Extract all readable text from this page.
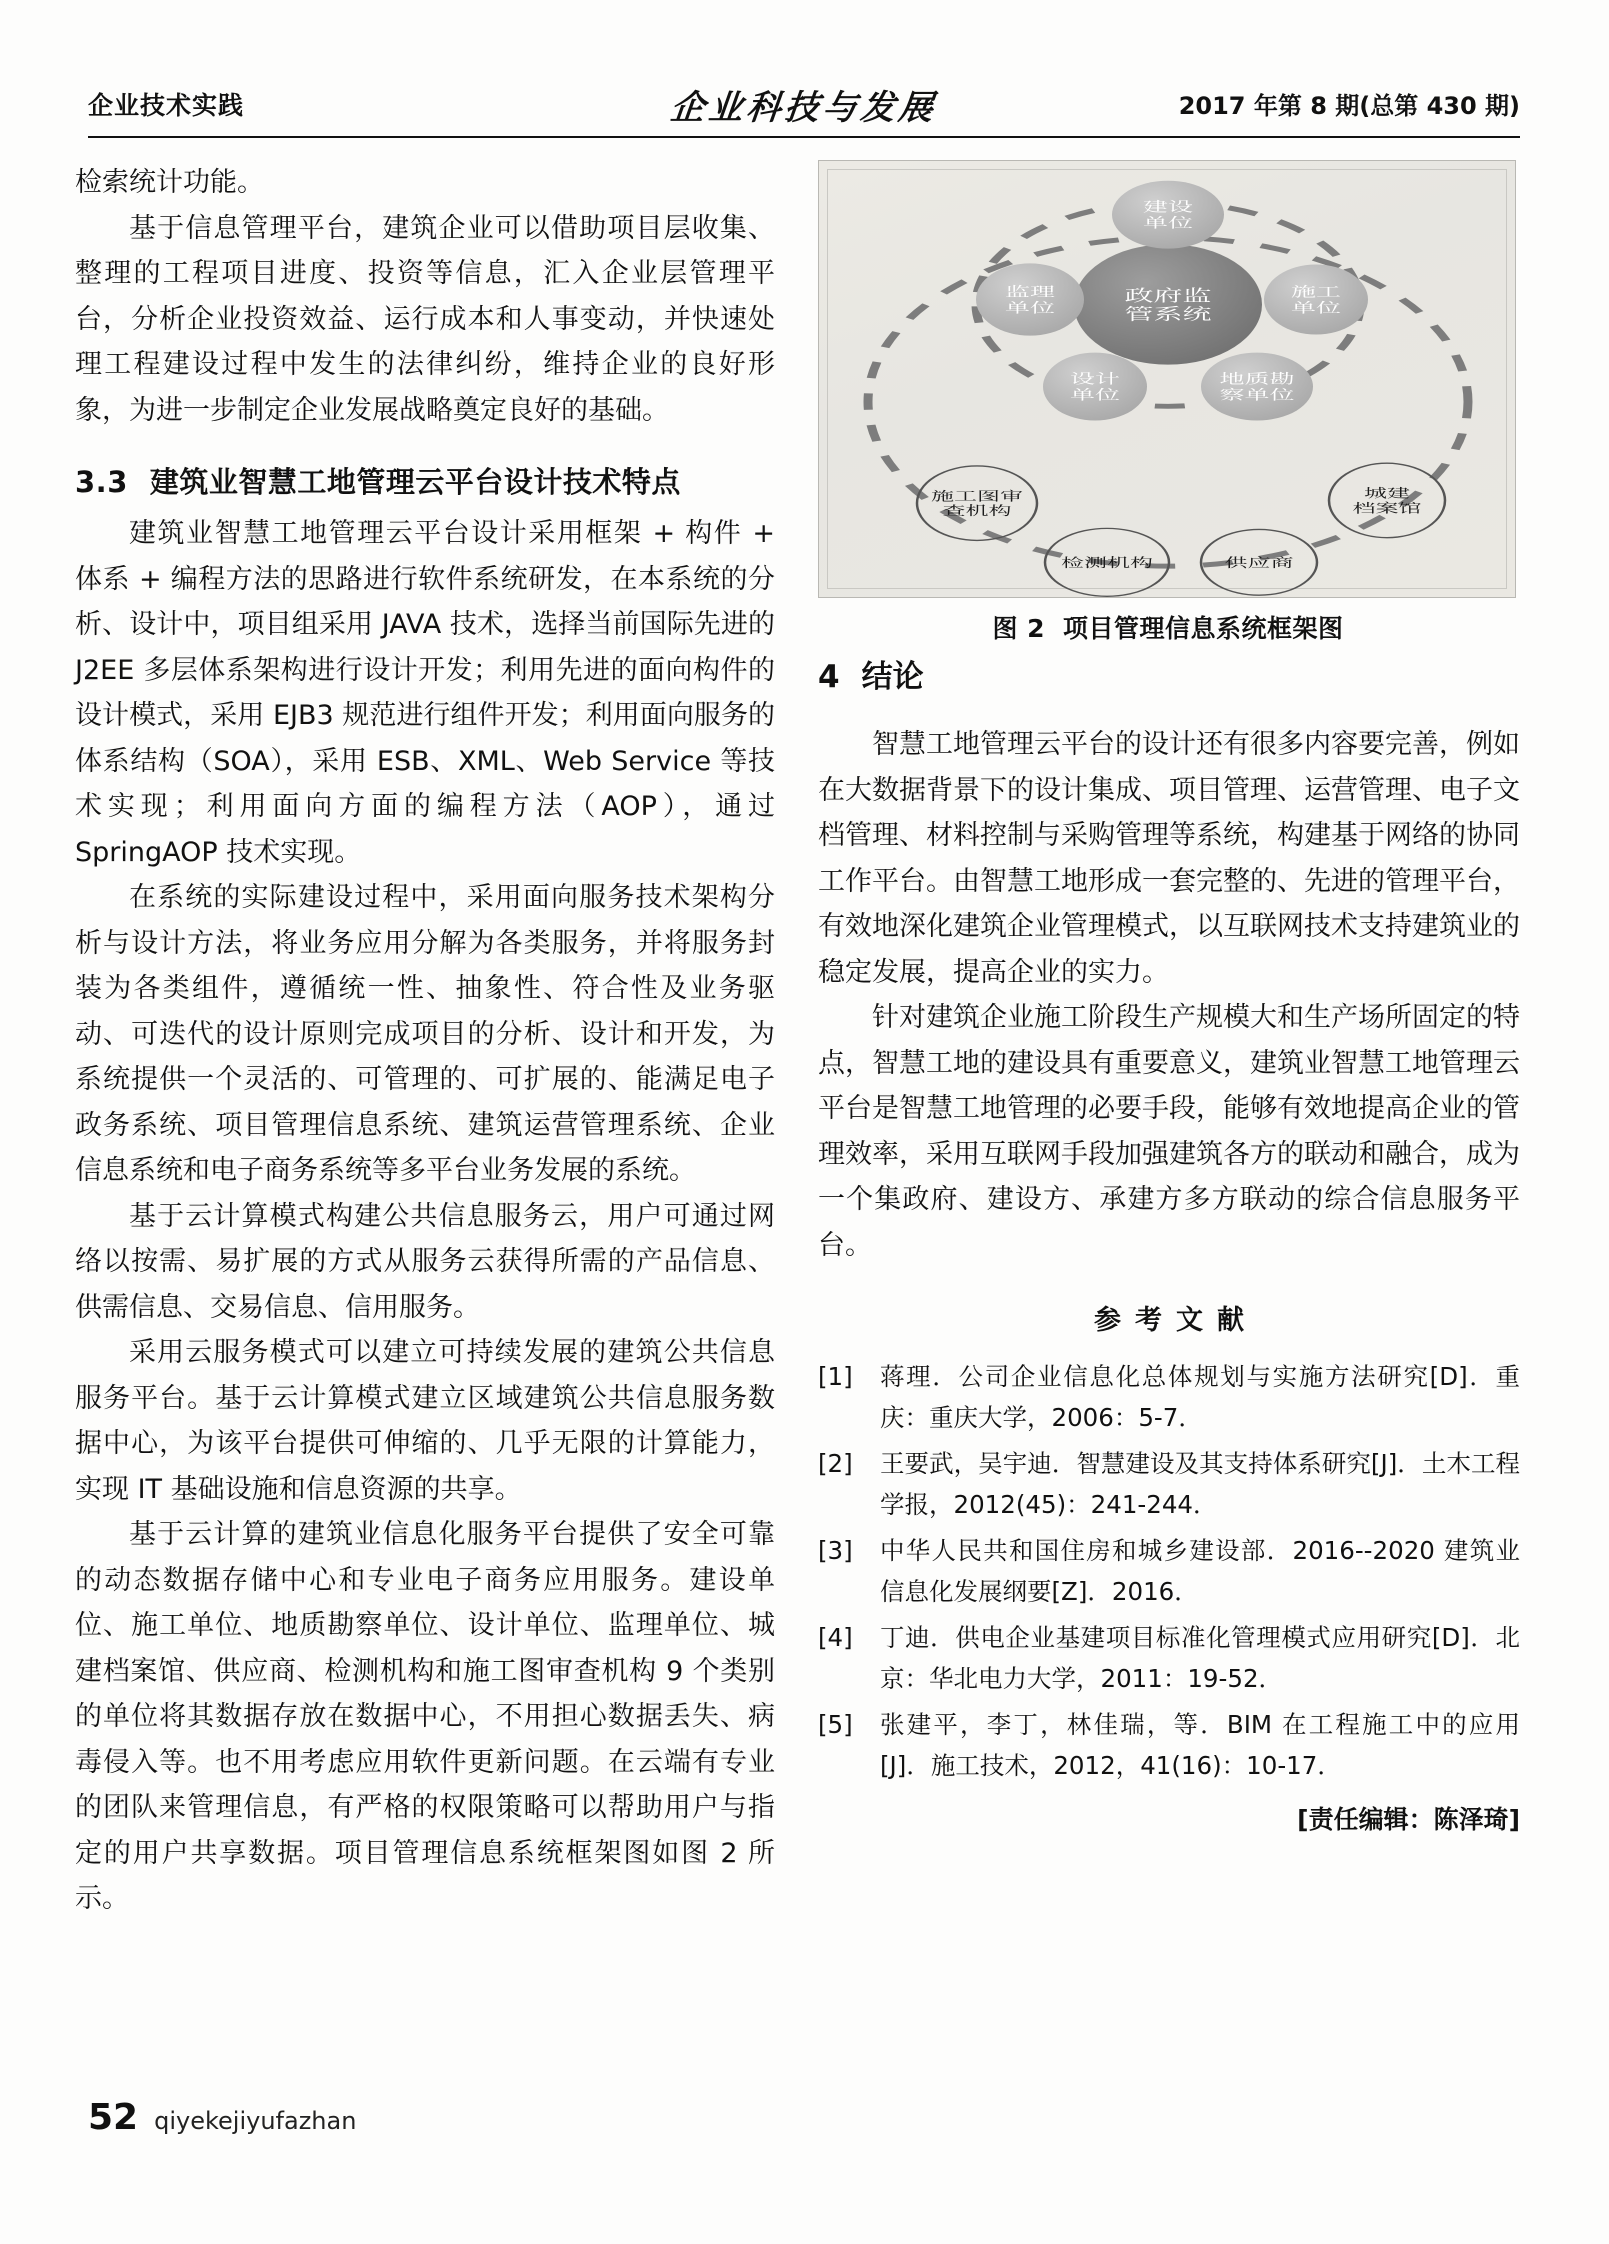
企业技术实践	企业科技与发展	2017 年第 8 期(总第 430 期)

检索统计功能。

基于信息管理平台，建筑企业可以借助项目层收集、整理的工程项目进度、投资等信息，汇入企业层管理平台，分析企业投资效益、运行成本和人事变动，并快速处理工程建设过程中发生的法律纠纷，维持企业的良好形象，为进一步制定企业发展战略奠定良好的基础。

3.3 建筑业智慧工地管理云平台设计技术特点

建筑业智慧工地管理云平台设计采用框架 + 构件 + 体系 + 编程方法的思路进行软件系统研发，在本系统的分析、设计中，项目组采用 JAVA 技术，选择当前国际先进的 J2EE 多层体系架构进行设计开发；利用先进的面向构件的设计模式，采用 EJB3 规范进行组件开发；利用面向服务的体系结构（SOA），采用 ESB、XML、Web Service 等技术实现；利用面向方面的编程方法（AOP），通过 SpringAOP 技术实现。

在系统的实际建设过程中，采用面向服务技术架构分析与设计方法，将业务应用分解为各类服务，并将服务封装为各类组件，遵循统一性、抽象性、符合性及业务驱动、可迭代的设计原则完成项目的分析、设计和开发，为系统提供一个灵活的、可管理的、可扩展的、能满足电子政务系统、项目管理信息系统、建筑运营管理系统、企业信息系统和电子商务系统等多平台业务发展的系统。

基于云计算模式构建公共信息服务云，用户可通过网络以按需、易扩展的方式从服务云获得所需的产品信息、供需信息、交易信息、信用服务。

采用云服务模式可以建立可持续发展的建筑公共信息服务平台。基于云计算模式建立区域建筑公共信息服务数据中心，为该平台提供可伸缩的、几乎无限的计算能力，实现 IT 基础设施和信息资源的共享。

基于云计算的建筑业信息化服务平台提供了安全可靠的动态数据存储中心和专业电子商务应用服务。建设单位、施工单位、地质勘察单位、设计单位、监理单位、城建档案馆、供应商、检测机构和施工图审查机构 9 个类别的单位将其数据存放在数据中心，不用担心数据丢失、病毒侵入等。也不用考虑应用软件更新问题。在云端有专业的团队来管理信息，有严格的权限策略可以帮助用户与指定的用户共享数据。项目管理信息系统框架图如图 2 所示。

政府监管系统
建设单位
监理单位
施工单位
设计单位
地质勘察单位
施工图审查机构
检测机构	供应商
城建档案馆
图 2 项目管理信息系统框架图
4 结论

智慧工地管理云平台的设计还有很多内容要完善，例如在大数据背景下的设计集成、项目管理、运营管理、电子文档管理、材料控制与采购管理等系统，构建基于网络的协同工作平台。由智慧工地形成一套完整的、先进的管理平台，有效地深化建筑企业管理模式，以互联网技术支持建筑业的稳定发展，提高企业的实力。

针对建筑企业施工阶段生产规模大和生产场所固定的特点，智慧工地的建设具有重要意义，建筑业智慧工地管理云平台是智慧工地管理的必要手段，能够有效地提高企业的管理效率，采用互联网手段加强建筑各方的联动和融合，成为一个集政府、建设方、承建方多方联动的综合信息服务平台。

参考文献
[1]	蒋理．公司企业信息化总体规划与实施方法研究[D]．重庆：重庆大学，2006：5-7．
[2]	王要武，吴宇迪．智慧建设及其支持体系研究[J]．土木工程学报，2012(45)：241-244．
[3]	中华人民共和国住房和城乡建设部．2016--2020 建筑业信息化发展纲要[Z]．2016．
[4]	丁迪．供电企业基建项目标准化管理模式应用研究[D]．北京：华北电力大学，2011：19-52．
[5]	张建平，李丁，林佳瑞，等．BIM 在工程施工中的应用[J]．施工技术，2012，41(16)：10-17．
[责任编辑：陈泽琦]
52 qiyekejiyufazhan
